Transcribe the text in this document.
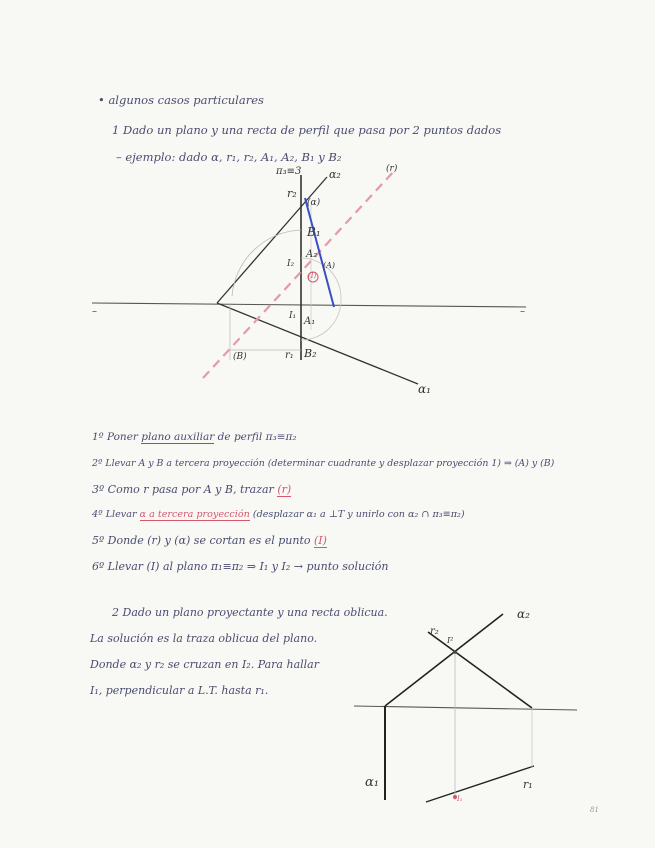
• algunos casos particulares
1 Dado un plano y una recta de perfil que pasa por 2 puntos dados
– ejemplo: dado α, r₁, r₂, A₁, A₂, B₁ y B₂
π₃≡3	α₂
r₂
(r)
(α)
B₁
A₂
(A)
(I)
I₂
I₁ A₁
(B)	r₁ B₂
α₁
–	–
1º Poner plano auxiliar de perfil π₃≡π₂
2º Llevar A y B a tercera proyección (determinar cuadrante y desplazar proyección 1) ⇒ (A) y (B)
3º Como r pasa por A y B, trazar (r)
4º Llevar α a tercera proyección (desplazar α₁ a ⊥T y unirlo con α₂ ∩ π₃≡π₂)
5º Donde (r) y (α) se cortan es el punto (I)
6º Llevar (I) al plano π₁≡π₂ ⇒ I₁ y I₂ → punto solución
2 Dado un plano proyectante y una recta oblicua.
La solución es la traza oblicua del plano.
Donde α₂ y r₂ se cruzan en I₂. Para hallar
I₁, perpendicular a L.T. hasta r₁.
α₂
r₂
I²
α₁	r₁
I₁
81
